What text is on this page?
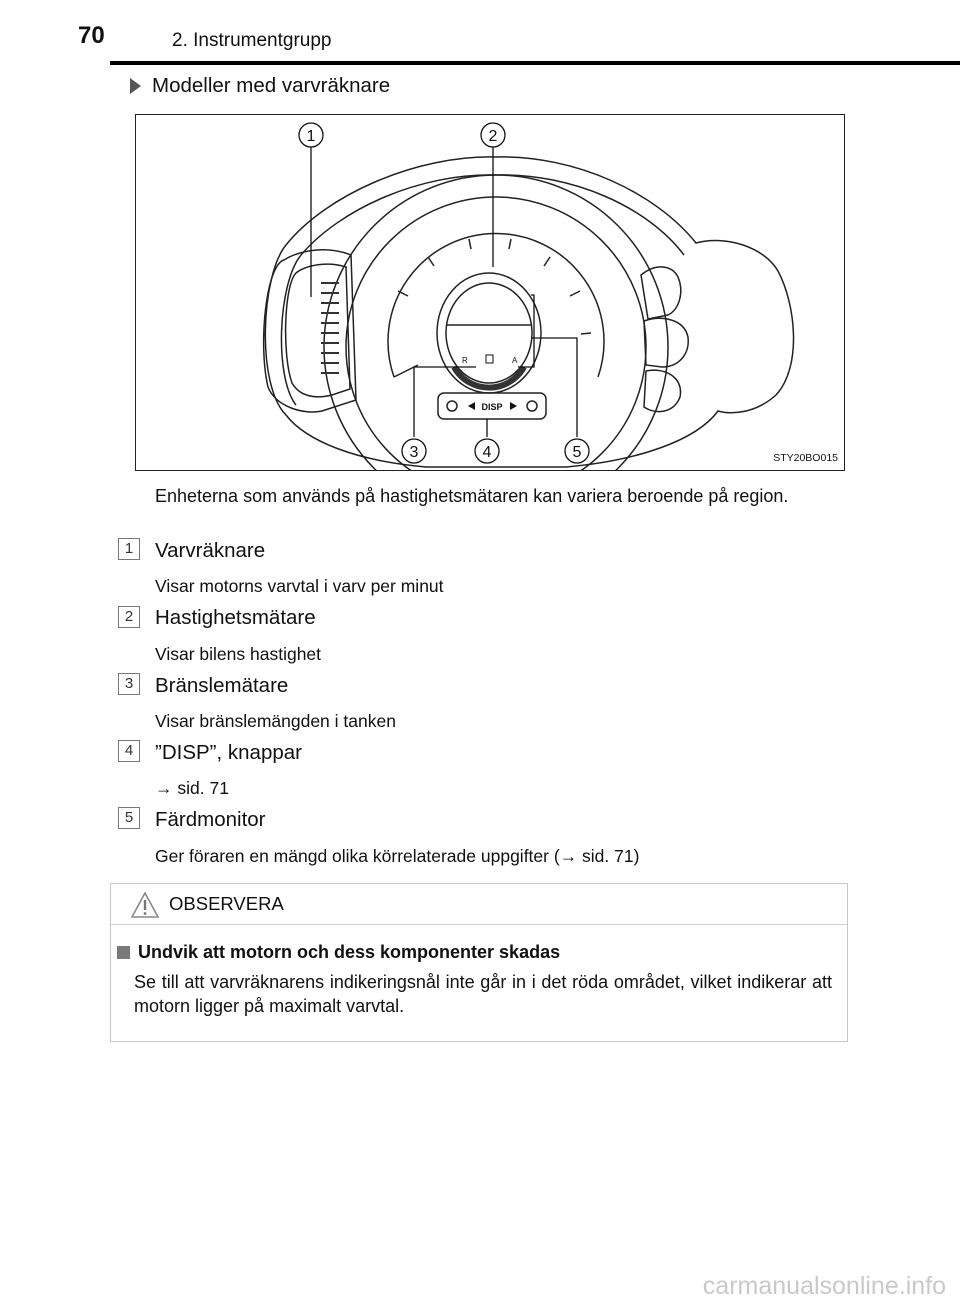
70	2. Instrumentgrupp
Modeller med varvräknare
1	2
3	4	5
DISP
R	A
STY20BO015
Enheterna som används på hastighetsmätaren kan variera beroende på region.
1	Varvräknare
Visar motorns varvtal i varv per minut
2	Hastighetsmätare
Visar bilens hastighet
3	Bränslemätare
Visar bränslemängden i tanken
4	”DISP”, knappar
→ sid. 71
5	Färdmonitor
Ger föraren en mängd olika körrelaterade uppgifter (→ sid. 71)
OBSERVERA
Undvik att motorn och dess komponenter skadas
Se till att varvräknarens indikeringsnål inte går in i det röda området, vilket indikerar att motorn ligger på maximalt varvtal.
carmanualsonline.info
